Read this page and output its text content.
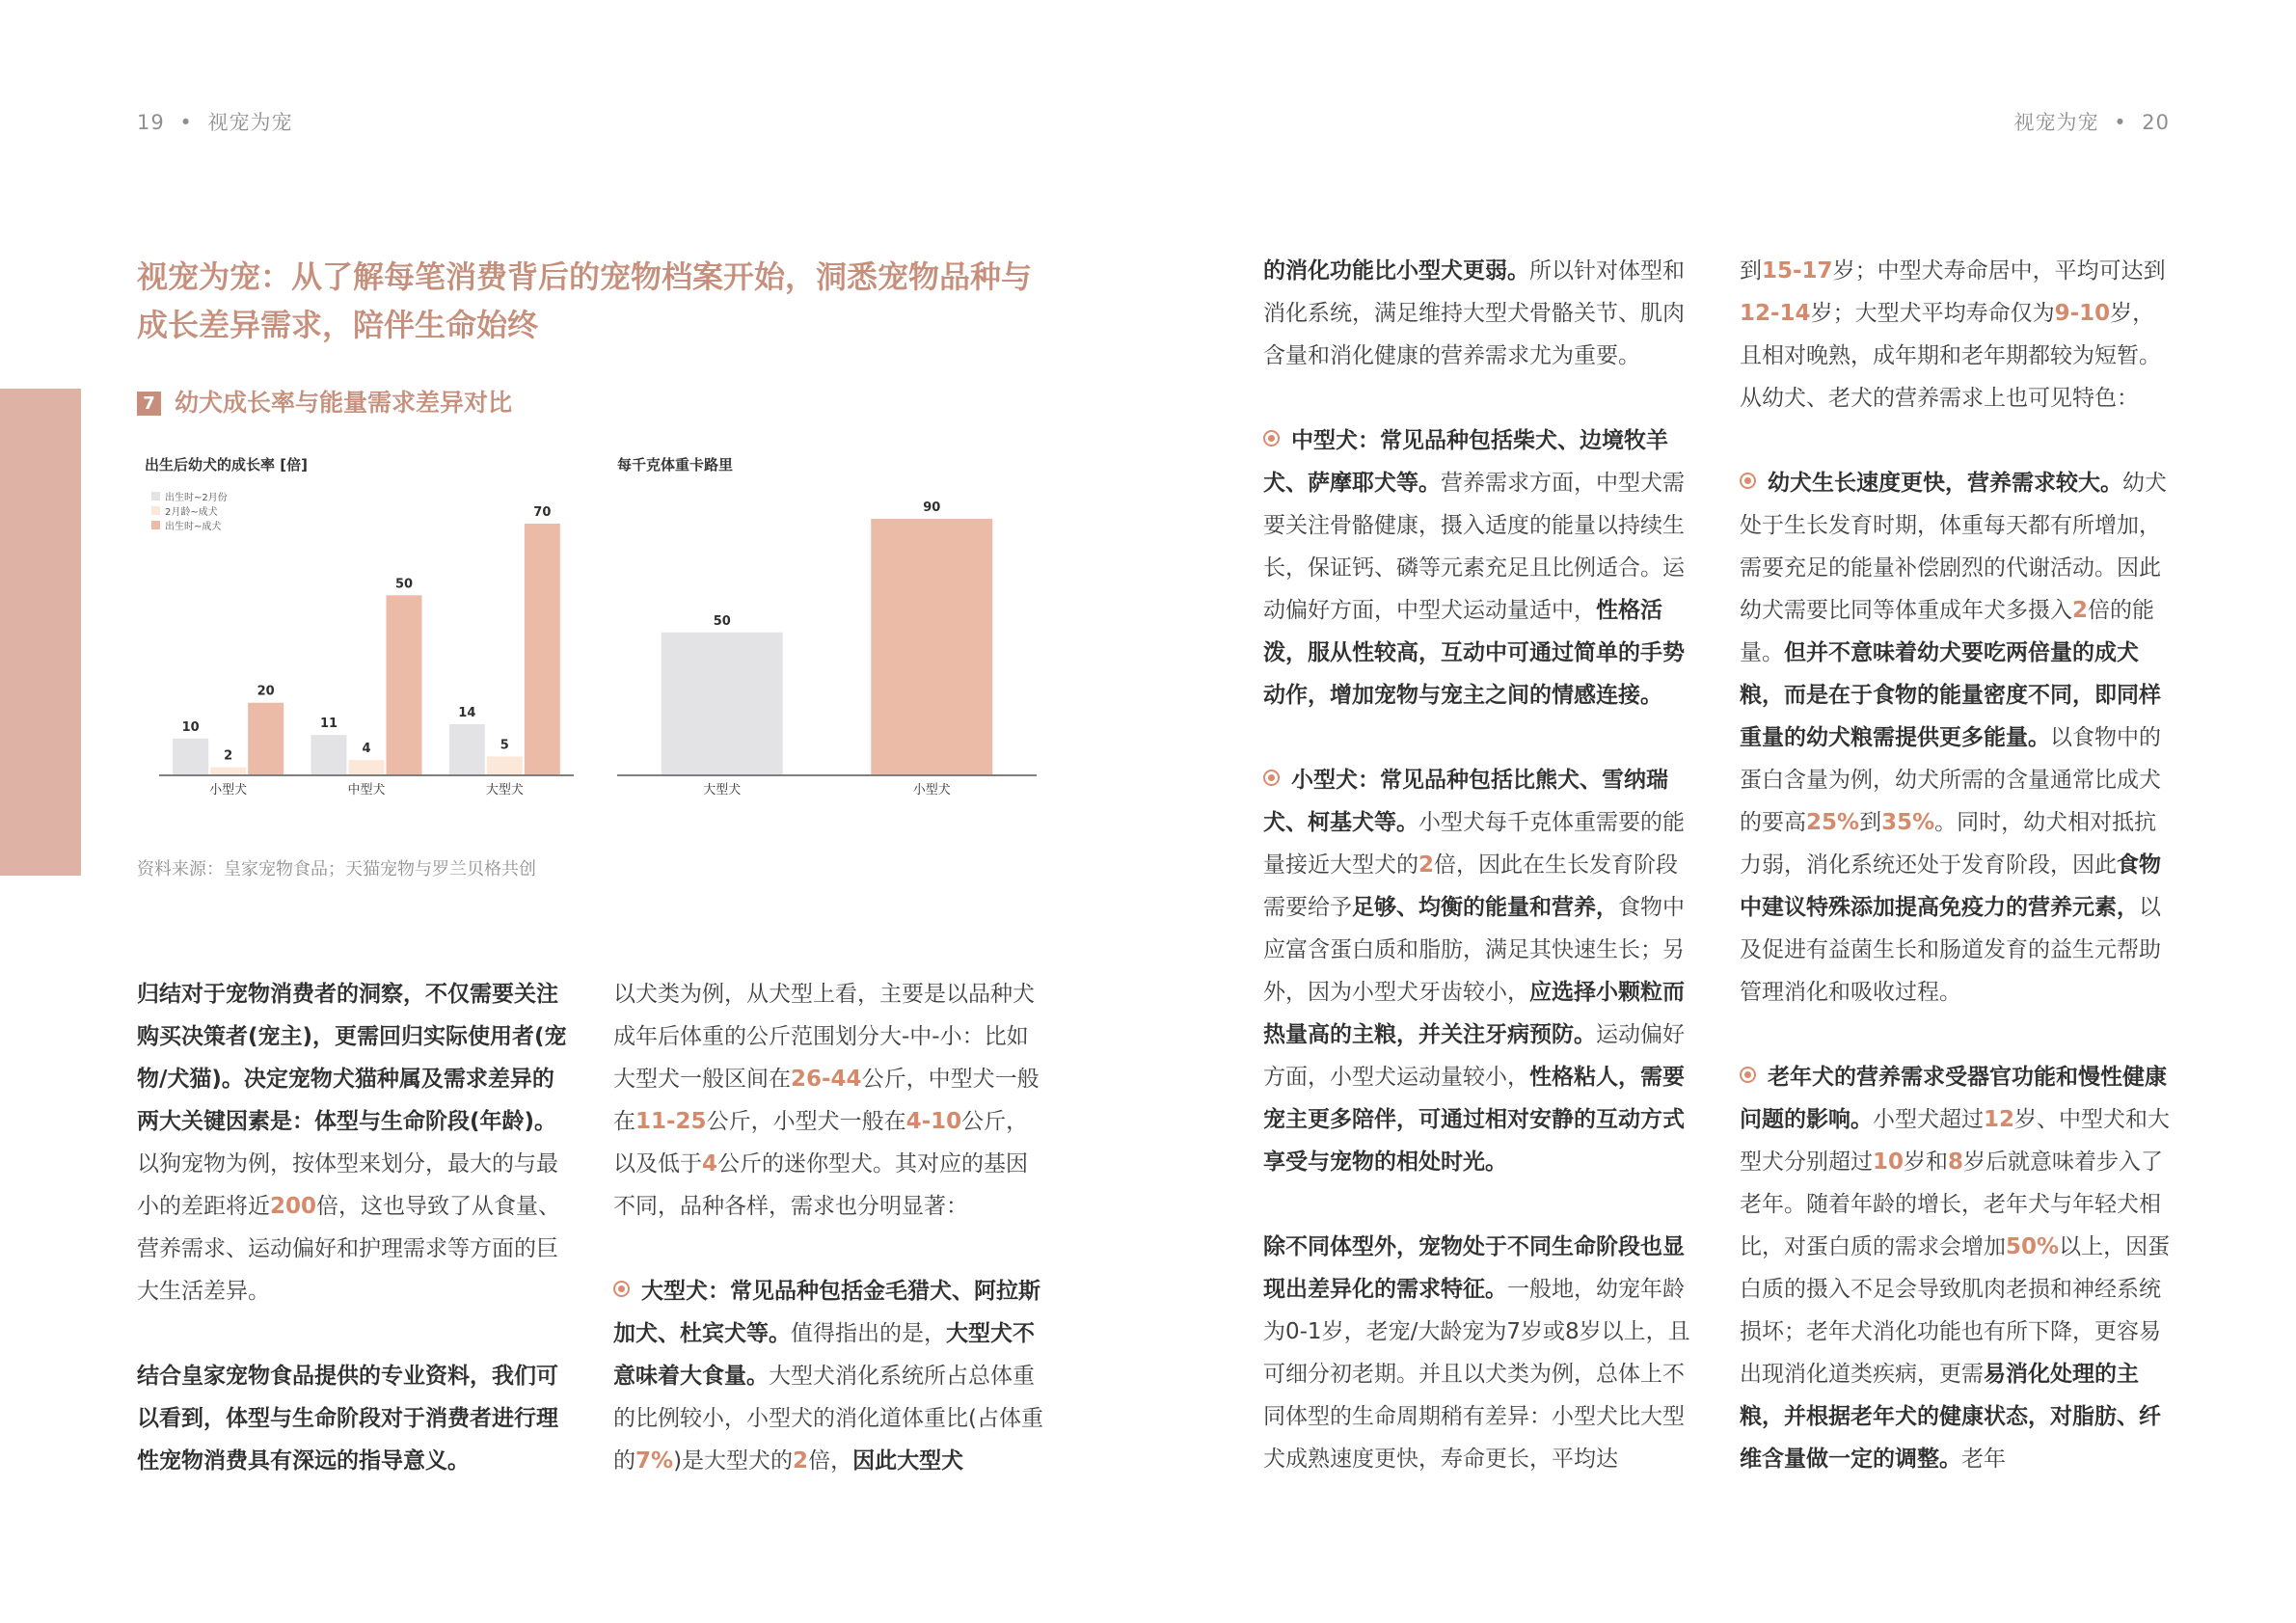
19 • 视宠为宠	视宠为宠 • 20
视宠为宠：从了解每笔消费背后的宠物档案开始，洞悉宠物品种与
成长差异需求，陪伴生命始终
7 幼犬成长率与能量需求差异对比
出生后幼犬的成长率 [倍]
出生时~2月份
2月龄~成犬
出生时~成犬
10
2
20
小型犬
11
4
50
中型犬
14
5
70
大型犬
每千克体重卡路里
50
大型犬
90
小型犬
资料来源：皇家宠物食品；天猫宠物与罗兰贝格共创

归结对于宠物消费者的洞察，不仅需要关注购买决策者(宠主)，更需回归实际使用者(宠物/犬猫)。决定宠物犬猫种属及需求差异的两大关键因素是：体型与生命阶段(年龄)。以狗宠物为例，按体型来划分，最大的与最小的差距将近200倍，这也导致了从食量、营养需求、运动偏好和护理需求等方面的巨大生活差异。

结合皇家宠物食品提供的专业资料，我们可以看到，体型与生命阶段对于消费者进行理性宠物消费具有深远的指导意义。

以犬类为例，从犬型上看，主要是以品种犬成年后体重的公斤范围划分大-中-小：比如大型犬一般区间在26-44公斤，中型犬一般在11-25公斤，小型犬一般在4-10公斤，以及低于4公斤的迷你型犬。其对应的基因不同，品种各样，需求也分明显著：

大型犬：常见品种包括金毛猎犬、阿拉斯加犬、杜宾犬等。值得指出的是，大型犬不意味着大食量。大型犬消化系统所占总体重的比例较小，小型犬的消化道体重比(占体重的7%)是大型犬的2倍，因此大型犬

的消化功能比小型犬更弱。所以针对体型和消化系统，满足维持大型犬骨骼关节、肌肉含量和消化健康的营养需求尤为重要。

中型犬：常见品种包括柴犬、边境牧羊犬、萨摩耶犬等。营养需求方面，中型犬需要关注骨骼健康，摄入适度的能量以持续生长，保证钙、磷等元素充足且比例适合。运动偏好方面，中型犬运动量适中，性格活泼，服从性较高，互动中可通过简单的手势动作，增加宠物与宠主之间的情感连接。

小型犬：常见品种包括比熊犬、雪纳瑞犬、柯基犬等。小型犬每千克体重需要的能量接近大型犬的2倍，因此在生长发育阶段需要给予足够、均衡的能量和营养，食物中应富含蛋白质和脂肪，满足其快速生长；另外，因为小型犬牙齿较小，应选择小颗粒而热量高的主粮，并关注牙病预防。运动偏好方面，小型犬运动量较小，性格粘人，需要宠主更多陪伴，可通过相对安静的互动方式享受与宠物的相处时光。

除不同体型外，宠物处于不同生命阶段也显现出差异化的需求特征。一般地，幼宠年龄为0-1岁，老宠/大龄宠为7岁或8岁以上，且可细分初老期。并且以犬类为例，总体上不同体型的生命周期稍有差异：小型犬比大型犬成熟速度更快，寿命更长，平均达

到15-17岁；中型犬寿命居中，平均可达到12-14岁；大型犬平均寿命仅为9-10岁，且相对晚熟，成年期和老年期都较为短暂。从幼犬、老犬的营养需求上也可见特色：

幼犬生长速度更快，营养需求较大。幼犬处于生长发育时期，体重每天都有所增加，需要充足的能量补偿剧烈的代谢活动。因此幼犬需要比同等体重成年犬多摄入2倍的能量。但并不意味着幼犬要吃两倍量的成犬粮，而是在于食物的能量密度不同，即同样重量的幼犬粮需提供更多能量。以食物中的蛋白含量为例，幼犬所需的含量通常比成犬的要高25%到35%。同时，幼犬相对抵抗力弱，消化系统还处于发育阶段，因此食物中建议特殊添加提高免疫力的营养元素，以及促进有益菌生长和肠道发育的益生元帮助管理消化和吸收过程。

老年犬的营养需求受器官功能和慢性健康问题的影响。小型犬超过12岁、中型犬和大型犬分别超过10岁和8岁后就意味着步入了老年。随着年龄的增长，老年犬与年轻犬相比，对蛋白质的需求会增加50%以上，因蛋白质的摄入不足会导致肌肉老损和神经系统损坏；老年犬消化功能也有所下降，更容易出现消化道类疾病，更需易消化处理的主粮，并根据老年犬的健康状态，对脂肪、纤维含量做一定的调整。老年
